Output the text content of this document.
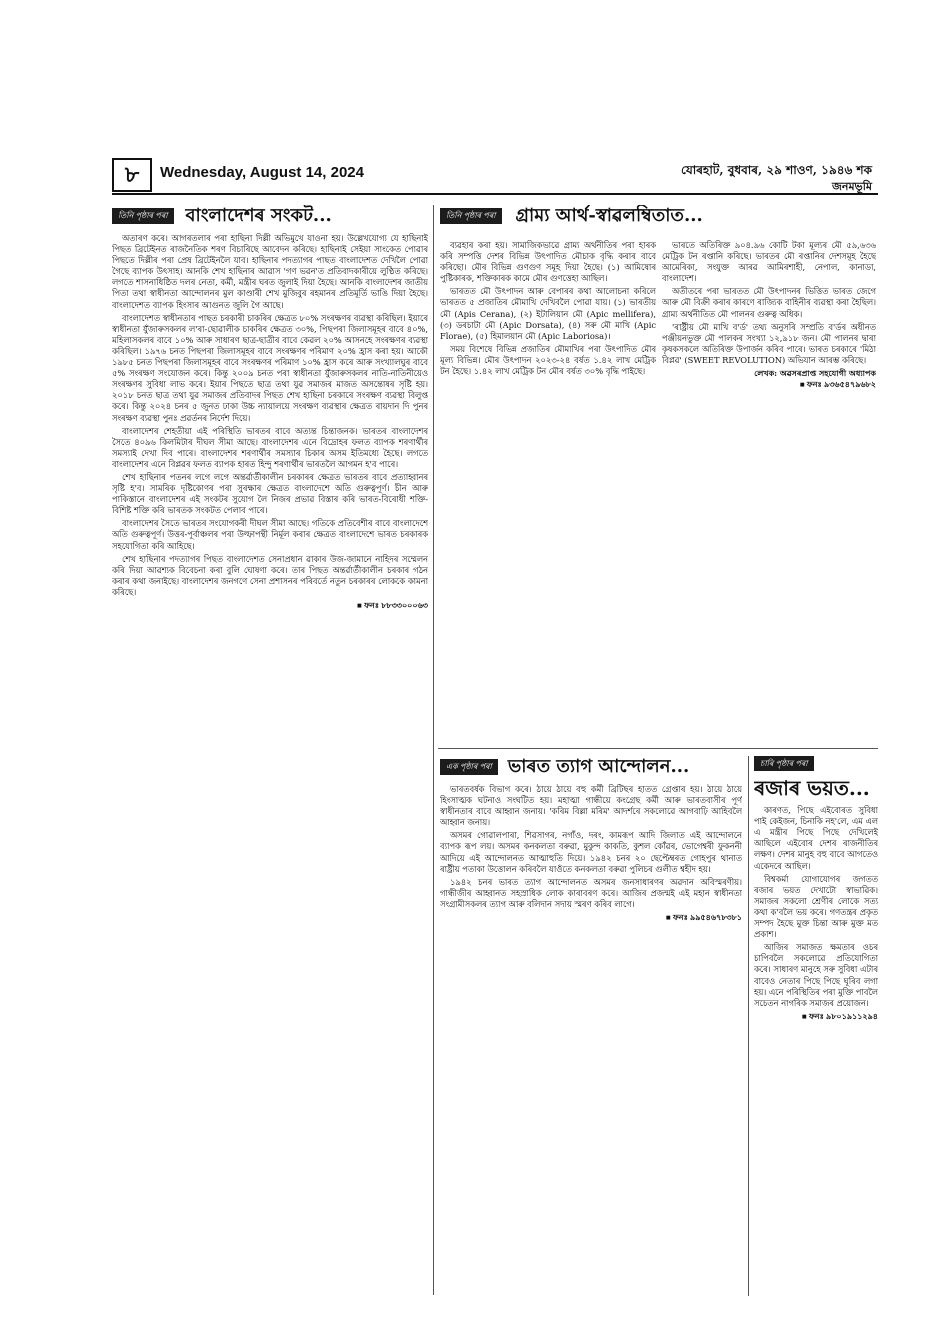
৮	Wednesday, August 14, 2024	যোৰহাট, বুধবাৰ, ২৯ শাওণ, ১৯৪৬ শক
জনমভূমি
তিনি পৃষ্ঠাৰ পৰা	বাংলাদেশৰ সংকট...

অতাৰণ কৰে। আগৰতলাৰ পৰা হাছিনা দিল্লী অভিমুখে যাওনা হয়। উল্লেখযোগ্য যে হাছিনাই পিছত ব্ৰিটেইনত ৰাজনৈতিক শৰণ বিচাৰিছে আবেদন কৰিছে। হাছিনাই সেইয়া সাংকেত পোৱাৰ পিছতে দিল্লীৰ পৰা প্ৰেষ ব্ৰিটেইনলৈ যাব। হাছিনাৰ পদত্যাগৰ পাছত বাংলাদেশত দেখিলৈ পোৱা গৈছে ব্যাপক উৎসাহ। আনকি শেখ হাছিনাৰ আৱাস 'গণ ভৱন'ত প্ৰতিবাদকাৰীয়ে লুণ্ঠিত কৰিছে। লগতে শাসনাধিষ্ঠিত দলৰ নেতা, কৰ্মী, মন্ত্ৰীৰ ঘৰত জুলাই দিয়া হৈছে। আনকি বাংলাদেশৰ জাতীয় পিতা তথা স্বাধীনতা আন্দোলনৰ মুল কাণ্ডাৰী শেখ মুজিবুৰ ৰহমানৰ প্ৰতিমূৰ্তি ভাঙি দিয়া হৈছে। বাংলাদেশত ব্যাপক হিংসাৰ আগুনত জুলি গৈ আছে।

বাংলাদেশত স্বাধীনতাৰ পাছত চৰকাৰী চাকৰিৰ ক্ষেত্ৰত ৮০% সংৰক্ষণৰ ব্যৱস্থা কৰিছিল। ইয়াৰে স্বাধীনতা যুঁজাৰুসকলৰ ল'ৰা-ছোৱালীক চাকৰিৰ ক্ষেত্ৰত ৩০%, পিছপৰা জিলাসমূহৰ বাবে ৪০%, মহিলাসকলৰ বাবে ১০% আৰু সাধাৰণ ছাত্ৰ-ছাত্ৰীৰ বাবে কেৱল ২০% আসনহে সংৰক্ষণৰ ব্যৱস্থা কৰিছিল। ১৯৭৬ চনত পিছপৰা জিলাসমূহৰ বাবে সংৰক্ষণৰ পৰিমাণ ২০% হ্ৰাস কৰা হয়। আকৌ ১৯৮৫ চনত পিছপৰা জিলাসমূহৰ বাবে সংৰক্ষণৰ পৰিমাণ ১০% হ্ৰাস কৰে আৰু সংখ্যালঘুৰ বাবে ৫% সংৰক্ষণ সংযোজন কৰে। কিন্তু ২০০৯ চনত পৰা স্বাধীনতা যুঁজাৰুসকলৰ নাতি-নাতিনীয়েও সংৰক্ষণৰ সুবিধা লাভ কৰে। ইয়াৰ পিছতে ছাত্ৰ তথা যুৱ সমাজৰ মাজত অসন্তোষৰ সৃষ্টি হয়। ২০১৮ চনত ছাত্ৰ তথা যুৱ সমাজৰ প্ৰতিবাদৰ পিছত শেখ হাছিনা চৰকাৰে সংৰক্ষণ ব্যৱস্থা বিলুপ্ত কৰে। কিন্তু ২০২৪ চনৰ ৫ জুনত ঢাকা উচ্চ ন্যায়ালয়ে সংৰক্ষণ ব্যৱস্থাৰ ক্ষেত্ৰত ৰায়দান দি পুনৰ সংৰক্ষণ ব্যৱস্থা পুনঃ প্ৰৱৰ্তনৰ নিৰ্দেশ দিয়ে।

বাংলাদেশৰ শেহতীয়া এই পৰিস্থিতি ভাৰতৰ বাবে অত্যন্ত চিন্তাজনক। ভাৰতৰ বাংলাদেশৰ সৈতে ৪০৯৬ কিলমিটাৰ দীঘল সীমা আছে। বাংলাদেশৰ এনে বিদ্ৰোহৰ ফলত ব্যাপক শৰণাৰ্থীৰ সমস্যাই দেখা দিব পাৰে। বাংলাদেশৰ শৰণাৰ্থীৰ সমস্যাৰ চিকাৰ অসম ইতিমধ্যে হৈছে। লগতে বাংলাদেশৰ এনে বিপ্লৱৰ ফলত ব্যাপক হাৰত হিন্দু শৰণাৰ্থীৰ ভাৰতলৈ আগমন হ'ব পাৰে।

শেখ হাছিনাৰ পতনৰ লগে লগে অন্তৰ্ৱাৰ্তীকালীন চৰকাৰৰ ক্ষেত্ৰত ভাৰতৰ বাবে প্ৰত্যাহ্বানৰ সৃষ্টি হ'ব। সামৰিক দৃষ্টিকোণৰ পৰা সুৰক্ষাৰ ক্ষেত্ৰত বাংলাদেশে অতি গুৰুত্বপূৰ্ণ। চীন আৰু পাকিস্তানে বাংলাদেশৰ এই সংকটৰ সুযোগ লৈ নিজৰ প্ৰভাৱ বিস্তাৰ কৰি ভাৰত-বিৰোধী শক্তি-বিশিষ্ট শক্তি কৰি ভাৰতক সংকটত পেলাব পাৰে।

বাংলাদেশৰ সৈতে ভাৰতৰ সংযোগকৰী দীঘল সীমা আছে। গতিকে প্ৰতিবেশীৰ বাবে বাংলাদেশে অতি গুৰুত্বপূৰ্ণ। উত্তৰ-পূৰ্বাঞ্চলৰ পৰা উল্ফাপন্থী নিৰ্মূল কৰাৰ ক্ষেত্ৰত বাংলাদেশে ভাৰত চৰকাৰক সহযোগিতা কৰি আহিছে।

শেখ হাছিনাৰ পদত্যাগৰ পিছত বাংলাদেশত সেনাপ্ৰধান ৱাকাৰ উজ-জামানে নাহিদৰ সম্মেলন কৰি দিয়া আৱশ্যক বিবেচনা কৰা বুলি ঘোষণা কৰে। তাৰ পিছত অন্তৰ্ৱাৰ্তীকালীন চৰকাৰ গঠন কৰাৰ কথা জনাইছে। বাংলাদেশৰ জনগণে সেনা প্ৰশাসনৰ পৰিবৰ্তে নতুন চৰকাৰৰ লোককে কামনা কৰিছে।

■ ফনঃ ৮৮৩৩০০০৬৩
তিনি পৃষ্ঠাৰ পৰা	গ্ৰাম্য আৰ্থ-স্বাৱলম্বিতাত...

ব্যৱহাৰ কৰা হয়। সামাজিকভাৱে গ্ৰাম্য অৰ্থনীতিৰ পৰা হাৰক কৰি সম্পত্তি দেশৰ বিভিন্ন উৎপাদিত মৌচাক বৃদ্ধি কৰাৰ বাবে কৰিছো। মৌৰ বিভিন্ন গুণগুণ সমূহ দিয়া হৈছে। (১) আমিষোৰ পুষ্টিকাৰক, শক্তিকাৰক কামে মৌৰ গুণত্তেহা আছিল।

ভাৰতত মৌ উৎপাদন আৰু বেপাৰৰ কথা আলোচনা কৰিলে ভাৰতত ৫ প্ৰজাতিৰ মৌমাখি দেখিবলৈ পোৱা যায়। (১) ভাৰতীয় মৌ (Apis Cerana), (২) ইটালিয়ান মৌ (Apic mellifera), (৩) ডৰচাটা মৌ (Apic Dorsata), (৪) সৰু মৌ মাখি (Apic Florae), (৫) হিমালয়ান মৌ (Apic Laboriosa)।

সময় বিশেষে বিভিন্ন প্ৰজাতিৰ মৌমাখিৰ পৰা উৎপাদিত মৌৰ মূল্য বিভিন্ন। মৌৰ উৎপাদন ২০২৩-২৪ বৰ্ষত ১.৪২ লাখ মেট্ৰিক টন হৈছে। ১.৪২ লাখ মেট্ৰিক টন মৌৰ বৰ্ষত ৩০% বৃদ্ধি পাইছে।

ভাৰতে অতিৰিক্ত ৯০৪.৯৬ কোটি টকা মূল্যৰ মৌ ৫৯,৬৩৬ মেট্ৰিক টন ৰপ্তানি কৰিছে। ভাৰতৰ মৌ ৰপ্তানিৰ দেশসমূহ হৈছে আমেৰিকা, সংযুক্ত আৰৱ আমিৰশাহী, নেপাল, কানাডা, বাংলাদেশ।

অতীতৰে পৰা ভাৰতত মৌ উৎপাদনৰ ভিত্তিত ভাৰত জেগে আৰু মৌ বিক্ৰী কৰাৰ কাৰণে ৰাজ্যিক বাহিনীৰ ব্যৱস্থা কৰা হৈছিল। গ্ৰাম্য অৰ্থনীতিত মৌ পালনৰ গুৰুত্ব অধিক।

'ৰাষ্ট্ৰীয় মৌ মাখি ব'ৰ্ড' তথ্য অনুসৰি সম্প্ৰতি ব'ৰ্ডৰ অধীনত পঞ্জীয়নভুক্ত মৌ পালকৰ সংখ্যা ১২,৯১৮ জন। মৌ পালনৰ দ্বাৰা কৃষকসকলে অতিৰিক্ত উপাৰ্জন কৰিব পাৰে। ভাৰত চৰকাৰে 'মিঠা বিপ্লৱ' (SWEET REVOLUTION) অভিযান আৰম্ভ কৰিছে।

লেখক: অৱসৰপ্ৰাপ্ত সহযোগী অধ্যাপক
■ ফনঃ ৯৩৬৫৪৭৯৬৮২
এক পৃষ্ঠাৰ পৰা ভাৰত ত্যাগ আন্দোলন...

ভাৰতবৰ্ষক বিভাগ কৰে। ঠায়ে ঠায়ে বহু কৰ্মী ব্ৰিটিছৰ হাতত গ্ৰেপ্তাৰ হয়। ঠায়ে ঠায়ে হিংসাত্মক ঘটনাও সংঘটিত হয়। মহাত্মা গান্ধীয়ে কংগ্ৰেছ কৰ্মী আৰু ভাৰতবাসীৰ পূৰ্ণ স্বাধীনতাৰ বাবে আহ্বান জনায়। 'কৰিম বিল্লা মৰিম' আদৰ্শৰে সকলোৱে আগবাঢ়ি আহিবলৈ আহ্বান জনায়।

অসমৰ গোৱালপাৰা, শিৱসাগৰ, নগাঁও, দৰং, কামৰূপ আদি জিলাত এই আন্দোলনে ব্যাপক ৰূপ লয়। অসমৰ কনকলতা বৰুৱা, মুকুন্দ কাকতি, কুশল কোঁৱৰ, ভোগেশ্বৰী ফুকননী আদিয়ে এই আন্দোলনত আত্মাহুতি দিয়ে। ১৯৪২ চনৰ ২০ ছেপ্টেম্বৰত গোহপুৰ থানাত ৰাষ্ট্ৰীয় পতাকা উত্তোলন কৰিবলৈ যাওঁতে কনকলতা বৰুৱা পুলিচৰ গুলীত শ্বহীদ হয়।

১৯৪২ চনৰ ভাৰত ত্যাগ আন্দোলনত অসমৰ জনসাধাৰণৰ অৱদান অবিস্মৰণীয়। গান্ধীজীৰ আহ্বানত সহস্ৰাধিক লোক কাৰাবৰণ কৰে। আজিৰ প্ৰজন্মই এই মহান স্বাধীনতা সংগ্ৰামীসকলৰ ত্যাগ আৰু বলিদান সদায় স্মৰণ কৰিব লাগে।

■ ফনঃ ৯৯৫৪৬৭৮৩৮১
চাৰি পৃষ্ঠাৰ পৰা
ৰজাৰ ভয়ত...

কাৰণত, পিছে এইবোৰত সুবিধা পাই কেইজন, চিনাকি নহ'লে, এম এল এ মন্ত্ৰীৰ পিছে পিছে দেখিলেই আছিলে এইবোৰ দেশৰ ৰাজনীতিৰ লক্ষণ। দেশৰ মানুহ বহু বাবে আগতেও একেদৰে আছিল।

বিশ্বকৰ্মা যোগাযোগৰ জগতত ৰজাৰ ভয়ত দেখাটো স্বাভাৱিক। সমাজৰ সকলো শ্ৰেণীৰ লোকে সত্য কথা ক'বলৈ ভয় কৰে। গণতন্ত্ৰৰ প্ৰকৃত সম্পদ হৈছে মুক্ত চিন্তা আৰু মুক্ত মত প্ৰকাশ।

আজিৰ সমাজত ক্ষমতাৰ ওচৰ চাপিবলৈ সকলোৱে প্ৰতিযোগিতা কৰে। সাধাৰণ মানুহে সৰু সুবিধা এটাৰ বাবেও নেতাৰ পিছে পিছে ঘূৰিব লগা হয়। এনে পৰিস্থিতিৰ পৰা মুক্তি পাবলৈ সচেতন নাগৰিক সমাজৰ প্ৰয়োজন।

■ ফনঃ ৯৮০১৯১১২৯৪
